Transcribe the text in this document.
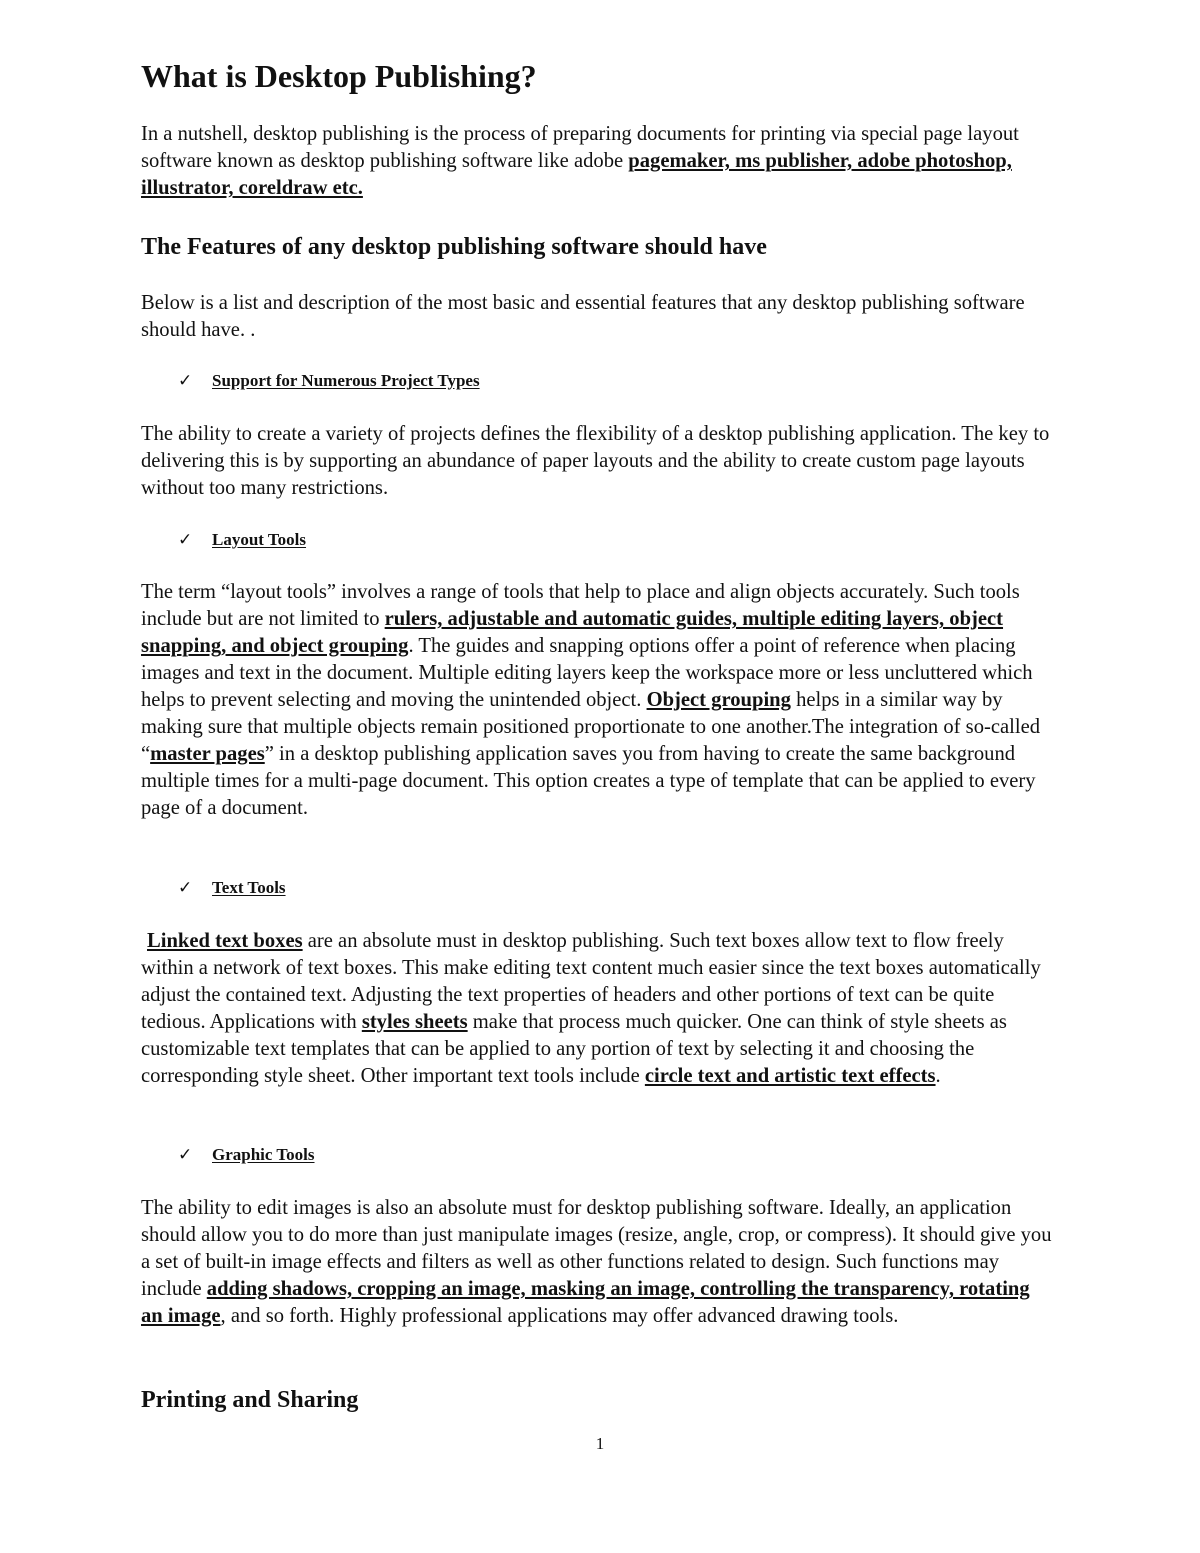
What is Desktop Publishing?

In a nutshell, desktop publishing is the process of preparing documents for printing via special page layout software known as desktop publishing software like adobe pagemaker, ms publisher, adobe photoshop, illustrator, coreldraw etc.

The Features of any desktop publishing software should have

Below is a list and description of the most basic and essential features that any desktop publishing software should have. .

✓ Support for Numerous Project Types

The ability to create a variety of projects defines the flexibility of a desktop publishing application. The key to delivering this is by supporting an abundance of paper layouts and the ability to create custom page layouts without too many restrictions.

✓ Layout Tools

The term “layout tools” involves a range of tools that help to place and align objects accurately. Such tools include but are not limited to rulers, adjustable and automatic guides, multiple editing layers, object snapping, and object grouping. The guides and snapping options offer a point of reference when placing images and text in the document. Multiple editing layers keep the workspace more or less uncluttered which helps to prevent selecting and moving the unintended object. Object grouping helps in a similar way by making sure that multiple objects remain positioned proportionate to one another.The integration of so-called “master pages” in a desktop publishing application saves you from having to create the same background multiple times for a multi-page document. This option creates a type of template that can be applied to every page of a document.

✓ Text Tools

Linked text boxes are an absolute must in desktop publishing. Such text boxes allow text to flow freely within a network of text boxes. This make editing text content much easier since the text boxes automatically adjust the contained text. Adjusting the text properties of headers and other portions of text can be quite tedious. Applications with styles sheets make that process much quicker. One can think of style sheets as customizable text templates that can be applied to any portion of text by selecting it and choosing the corresponding style sheet. Other important text tools include circle text and artistic text effects.

✓ Graphic Tools

The ability to edit images is also an absolute must for desktop publishing software. Ideally, an application should allow you to do more than just manipulate images (resize, angle, crop, or compress). It should give you a set of built-in image effects and filters as well as other functions related to design. Such functions may include adding shadows, cropping an image, masking an image, controlling the transparency, rotating an image, and so forth. Highly professional applications may offer advanced drawing tools.

Printing and Sharing
1
